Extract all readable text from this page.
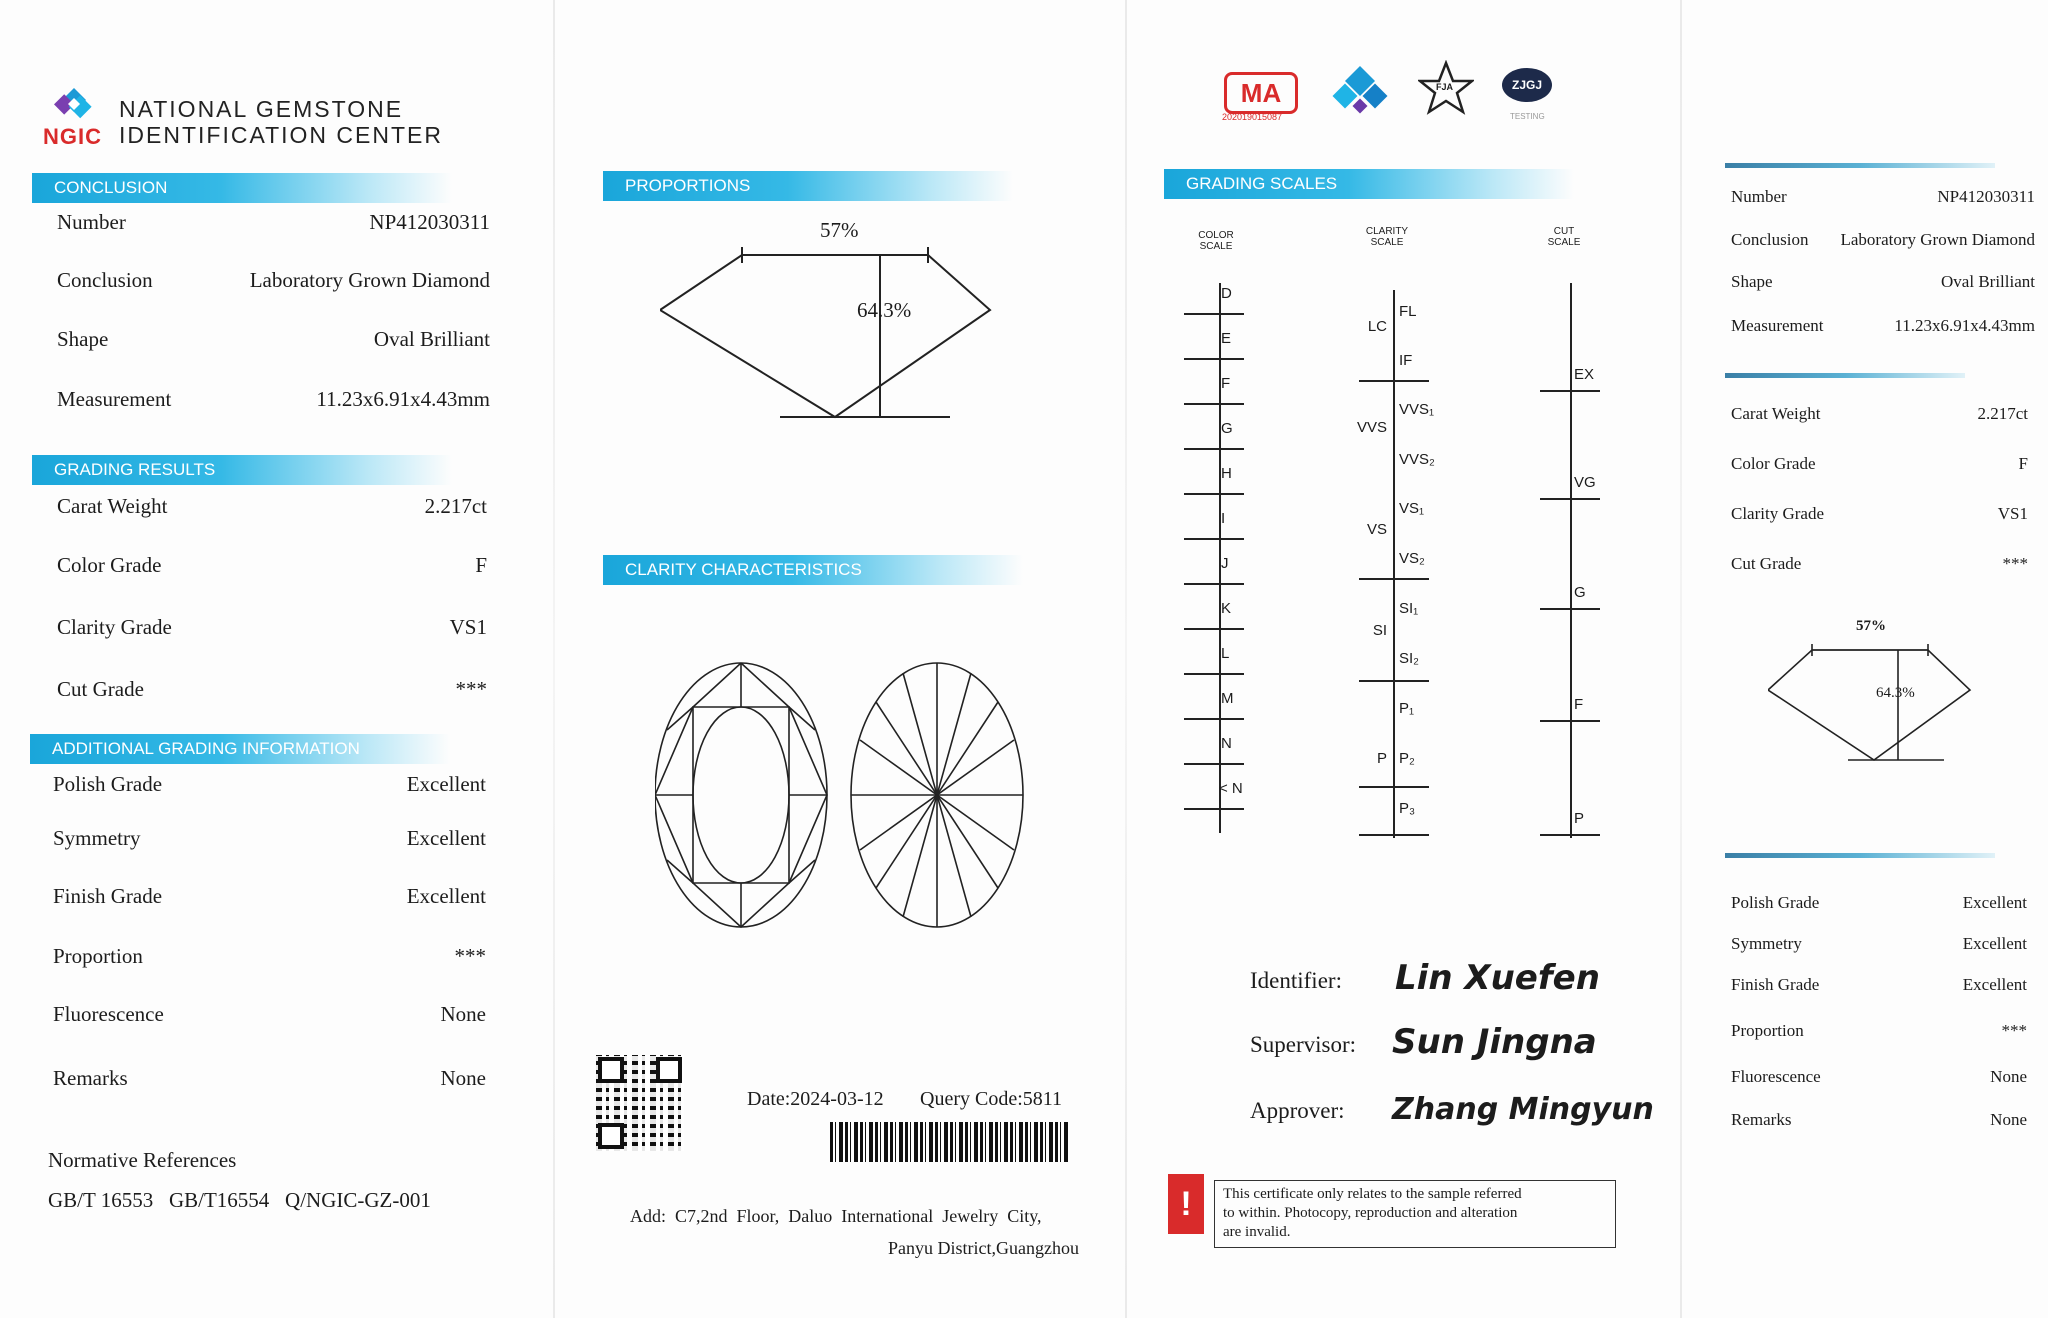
NGIC
NATIONAL GEMSTONE
IDENTIFICATION CENTER
CONCLUSION
Number	NP412030311
Conclusion	Laboratory Grown Diamond
Shape	Oval Brilliant
Measurement	11.23x6.91x4.43mm
GRADING RESULTS
Carat Weight	2.217ct
Color Grade	F
Clarity Grade	VS1
Cut Grade	***
ADDITIONAL GRADING INFORMATION
Polish Grade	Excellent
Symmetry	Excellent
Finish Grade	Excellent
Proportion	***
Fluorescence	None
Remarks	None
Normative References
GB/T 16553   GB/T16554   Q/NGIC-GZ-001
PROPORTIONS
57%
64.3%
CLARITY CHARACTERISTICS
Date:2024-03-12 Query Code:5811
Add:  C7,2nd  Floor,  Daluo  International  Jewelry  City,
Panyu District,Guangzhou
MA
202019015087
FJA	ZJGJ
TESTING
GRADING SCALES
COLOR
SCALE
CLARITY
SCALE
CUT
SCALE
D
E
F
G
H
I
J
K
L
M
N
< N
FL
IF
VVS₁
VVS₂
VS₁
VS₂
SI₁
SI₂
P₁
P₂
P₃
LC
VVS
VS
SI
P
EX
VG
G
F
P
Identifier: Lin Xuefen
Supervisor: Sun Jingna
Approver: Zhang Mingyun
!	This certificate only relates to the sample referred
to within. Photocopy, reproduction and alteration
are invalid.
Number	NP412030311
Conclusion Laboratory Grown Diamond
Shape	Oval Brilliant
Measurement	11.23x6.91x4.43mm
Carat Weight	2.217ct
Color Grade	F
Clarity Grade	VS1
Cut Grade	***
57%
64.3%
Polish Grade	Excellent
Symmetry	Excellent
Finish Grade	Excellent
Proportion	***
Fluorescence	None
Remarks	None
